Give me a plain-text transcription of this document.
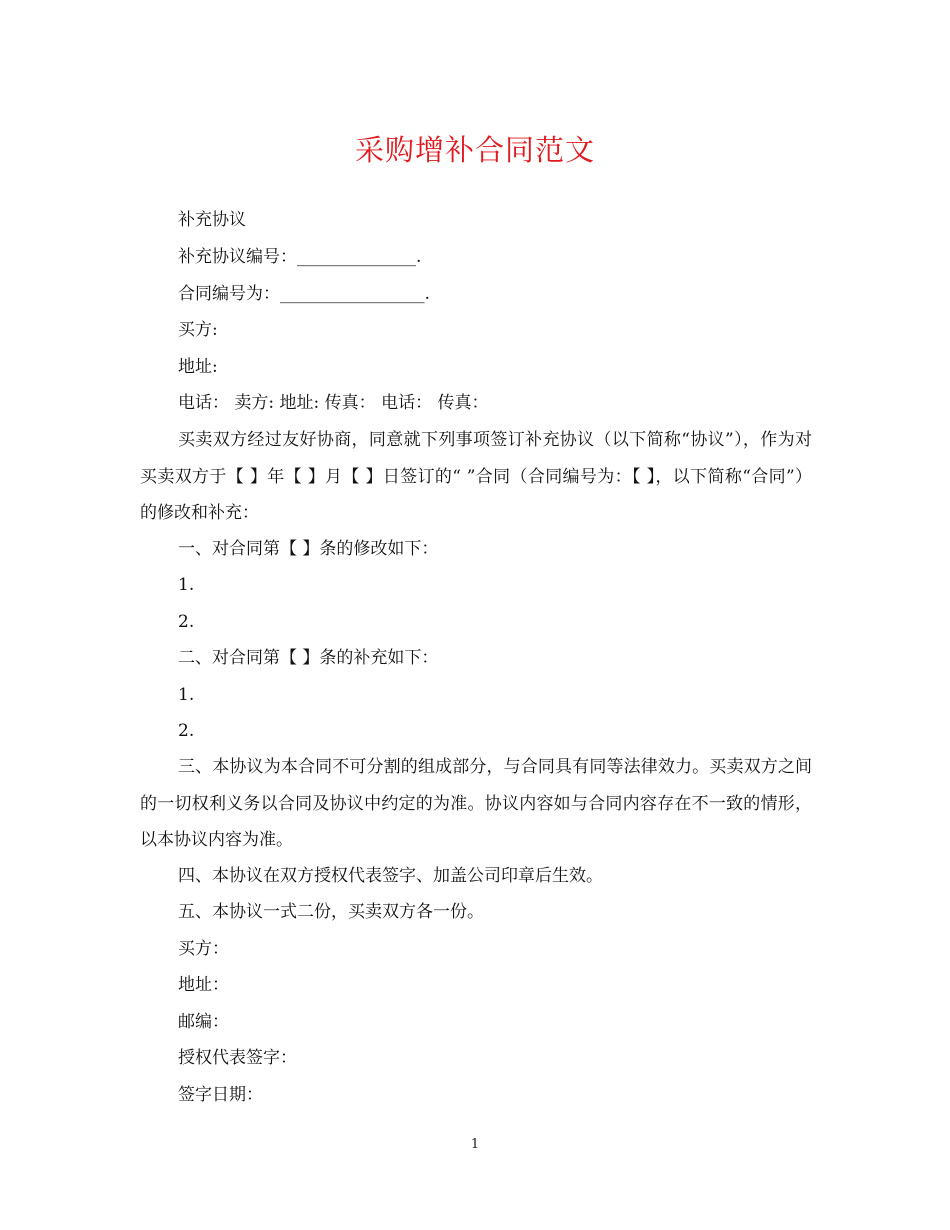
采购增补合同范文
补充协议
补充协议编号：______________.
合同编号为：_________________.
买方:
地址:
电话： 卖方: 地址: 传真： 电话： 传真：
买卖双方经过友好协商，同意就下列事项签订补充协议（以下简称“协议”），作为对买卖双方于【 】年【 】月【 】日签订的“ ”合同（合同编号为：【 】，以下简称“合同”）的修改和补充：
一、对合同第【 】条的修改如下：
1.
2.
二、对合同第【 】条的补充如下：
1.
2.
三、本协议为本合同不可分割的组成部分，与合同具有同等法律效力。买卖双方之间的一切权利义务以合同及协议中约定的为准。协议内容如与合同内容存在不一致的情形，以本协议内容为准。
四、本协议在双方授权代表签字、加盖公司印章后生效。
五、本协议一式二份，买卖双方各一份。
买方：
地址：
邮编：
授权代表签字：
签字日期：
1
